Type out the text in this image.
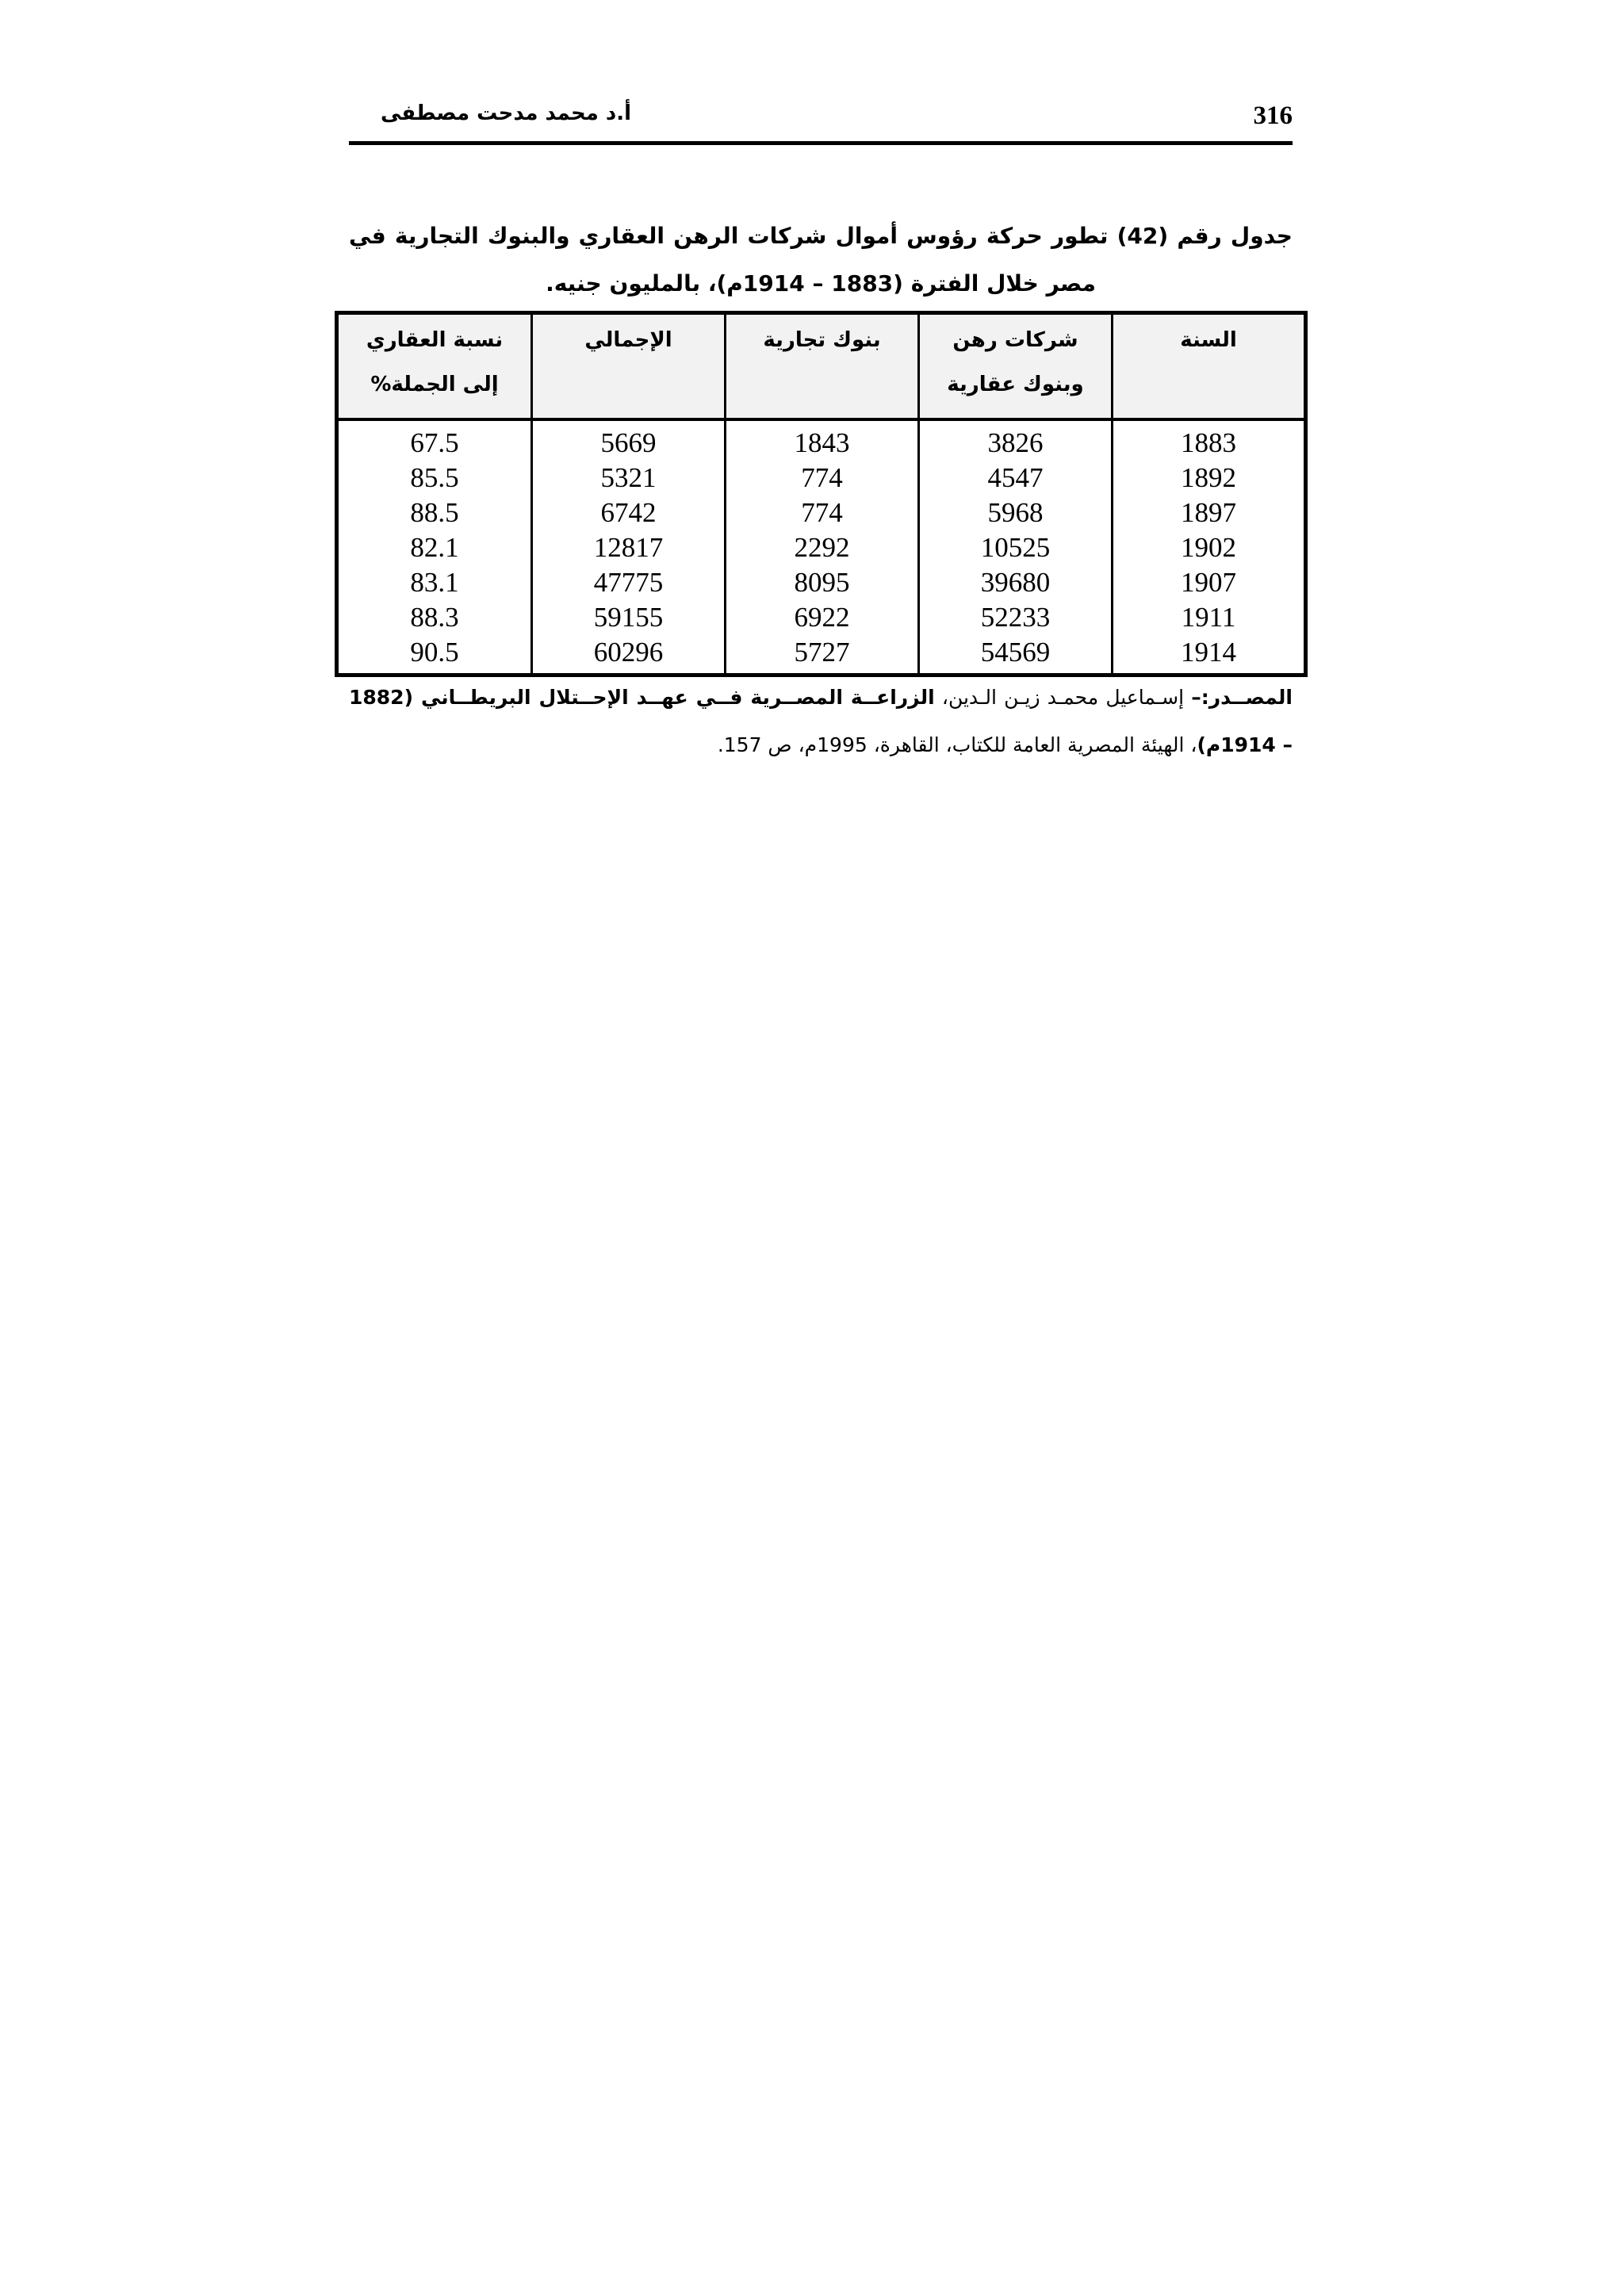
316
أ.د محمد مدحت مصطفى
جدول رقم (42) تطور حركة رؤوس أموال شركات الرهن العقاري والبنوك التجارية في مصر خلال الفترة (1883 – 1914م)، بالمليون جنيه.
السنة	شركات رهن وبنوك عقارية	بنوك تجارية	الإجمالي	نسبة العقاري إلى الجملة%
1883	3826	1843	5669	67.5
1892	4547	774	5321	85.5
1897	5968	774	6742	88.5
1902	10525	2292	12817	82.1
1907	39680	8095	47775	83.1
1911	52233	6922	59155	88.3
1914	54569	5727	60296	90.5
المصــدر:– إسـماعيل محمـد زيـن الـدين، الزراعــة المصــرية فــي عهــد الإحــتلال البريطــاني (1882 – 1914م)، الهيئة المصرية العامة للكتاب، القاهرة، 1995م، ص 157.
